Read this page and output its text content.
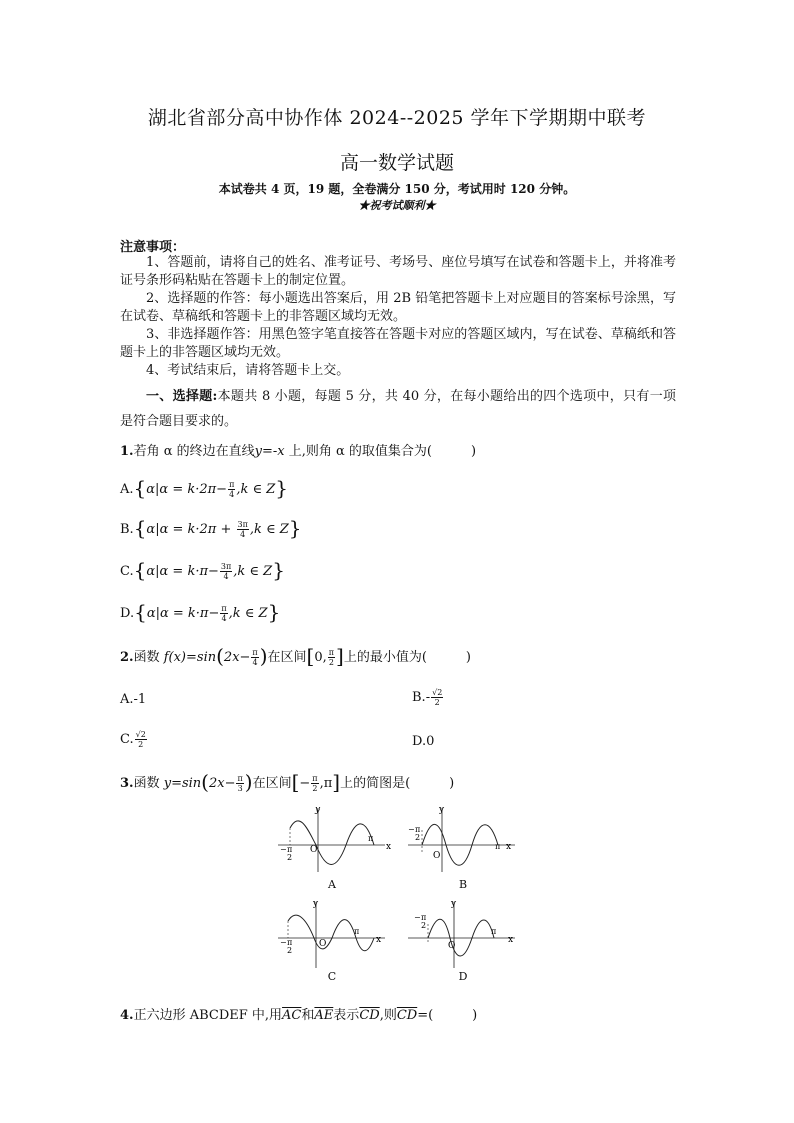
湖北省部分高中协作体 2024--2025 学年下学期期中联考
高一数学试题
本试卷共 4 页，19 题，全卷满分 150 分，考试用时 120 分钟。
★祝考试顺利★
注意事项：

1、答题前，请将自己的姓名、准考证号、考场号、座位号填写在试卷和答题卡上，并将准考证号条形码粘贴在答题卡上的制定位置。

2、选择题的作答：每小题选出答案后，用 2B 铅笔把答题卡上对应题目的答案标号涂黑，写在试卷、草稿纸和答题卡上的非答题区域均无效。

3、非选择题作答：用黑色签字笔直接答在答题卡对应的答题区域内，写在试卷、草稿纸和答题卡上的非答题区域均无效。

4、考试结束后，请将答题卡上交。

一、选择题:本题共 8 小题，每题 5 分，共 40 分，在每小题给出的四个选项中，只有一项是符合题目要求的。
1.若角 α 的终边在直线y=-x 上,则角 α 的取值集合为(　　　)
$A.\{\alpha|\alpha = k\cdot 2\pi- \frac{\pi}{4} ,k$ ∈ Z}
$B.\{\alpha|\alpha = k\cdot 2\pi + \frac{3\pi}{4} ,k$ ∈ Z}
$C.\{\alpha|\alpha = k\cdot\pi- \frac{3\pi}{4} ,k$ ∈ Z}
$D.\{\alpha|\alpha = k\cdot\pi- \frac{\pi}{4} ,k$ ∈ Z}
2.函数 $f(x)=\sin(2x- \frac{\pi}{4}$ )在区间[0, $\frac{\pi}{2}$ ]上的最小值为(　　　)
A.-1	$B.- \frac{√2}{2}$
C. $\frac{√2}{2}$	D.0
3.函数 $y=\sin(2x- \frac{\pi}{3}$ )在区间[− $\frac{\pi}{2} ,\pi$]上的简图是(　　　)
y
x
O
π
− π
2
A
y
x
O
π
− π
2
B
y
x
O
π
− π
2
C
y
x
O
π
− π
2
D
4.正六边形 ABCDEF 中,用$\overline{AC}$和$\overline{AE}$表示$\overline{CD}$,则$\overline{CD}=$(　　　)
